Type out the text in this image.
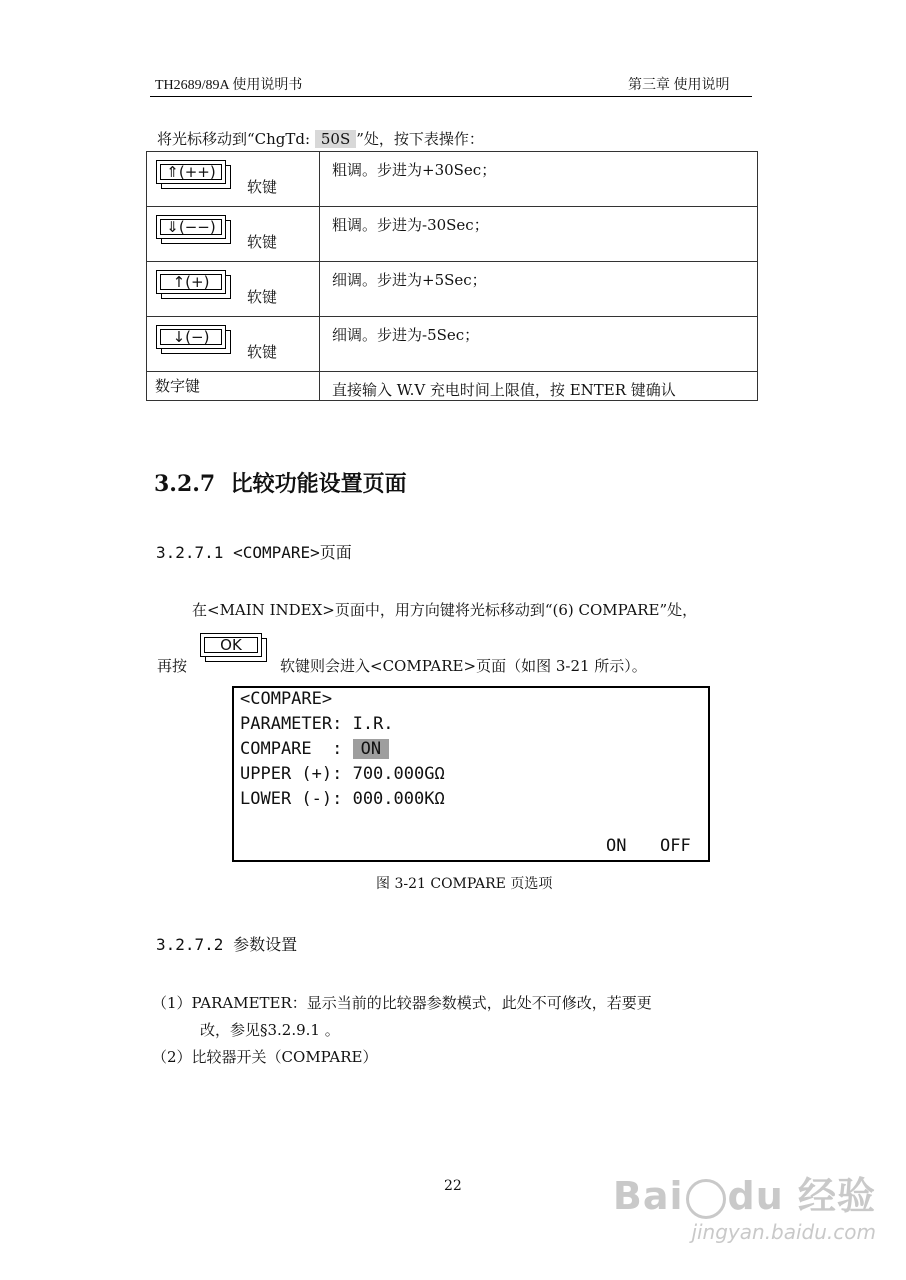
TH2689/89A 使用说明书	第三章 使用说明
将光标移动到“ChgTd: 50S ”处，按下表操作：
⇑(++)
软键	粗调。步进为+30Sec；

⇓(−−)
软键	粗调。步进为-30Sec；

↑(+)
软键	细调。步进为+5Sec；

↓(−)
软键	细调。步进为-5Sec；
数字键	直接输入 W.V 充电时间上限值，按 ENTER 键确认
3.2.7 比较功能设置页面
3.2.7.1 <COMPARE>页面
在<MAIN INDEX>页面中，用方向键将光标移动到“(6) COMPARE”处，
再按
OK
软键则会进入<COMPARE>页面（如图 3-21 所示）。
<COMPARE>
PARAMETER: I.R.
COMPARE  : ON
UPPER (+): 700.000GΩ
LOWER (-): 000.000KΩ
ON OFF
图 3-21 COMPARE 页选项
3.2.7.2 参数设置
（1）PARAMETER：显示当前的比较器参数模式，此处不可修改，若要更
改，参见§3.2.9.1 。
（2）比较器开关（COMPARE）
22	Bai du 经验
jingyan.baidu.com
